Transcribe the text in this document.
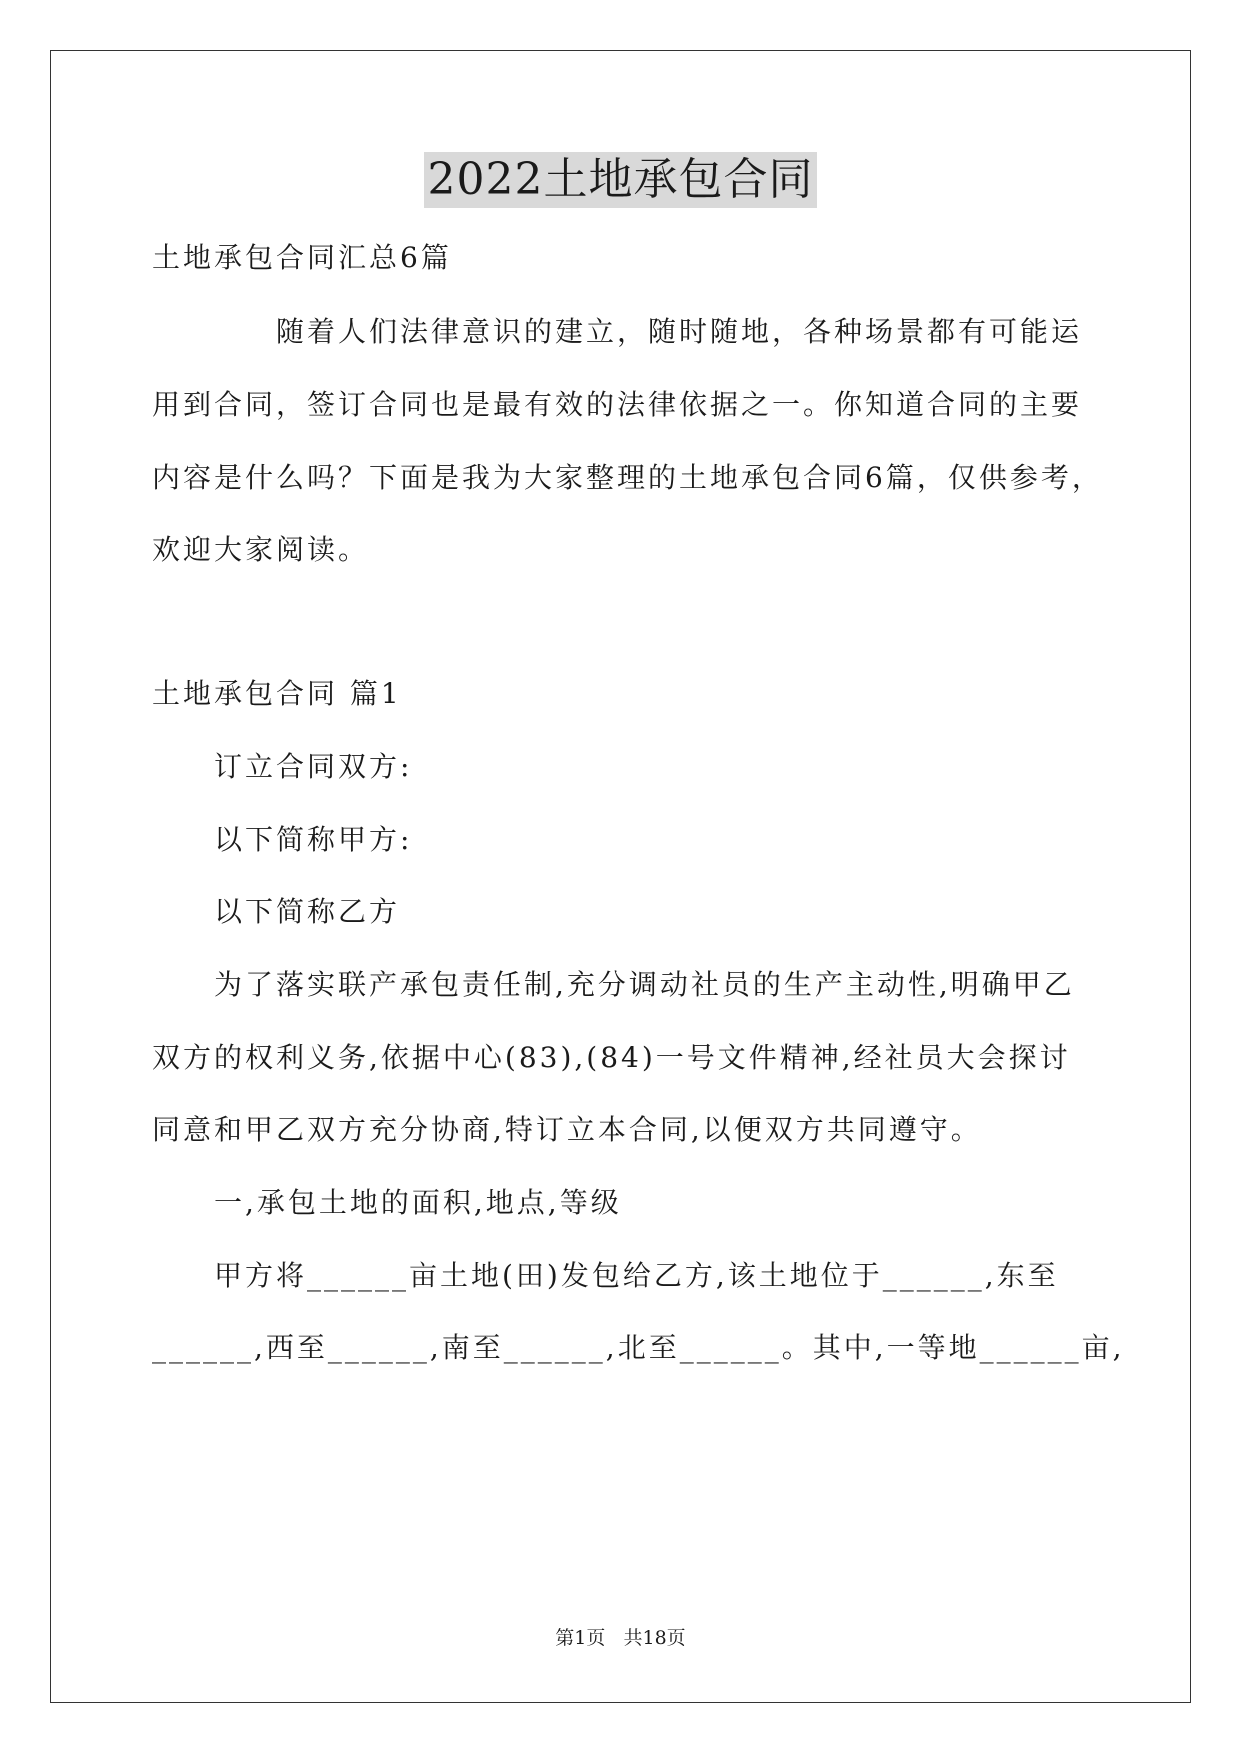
2022土地承包合同
土地承包合同汇总6篇
随着人们法律意识的建立，随时随地，各种场景都有可能运
用到合同，签订合同也是最有效的法律依据之一。你知道合同的主要
内容是什么吗？下面是我为大家整理的土地承包合同6篇，仅供参考，
欢迎大家阅读。
土地承包合同 篇1
订立合同双方:
以下简称甲方:
以下简称乙方
为了落实联产承包责任制,充分调动社员的生产主动性,明确甲乙
双方的权利义务,依据中心(83),(84)一号文件精神,经社员大会探讨
同意和甲乙双方充分协商,特订立本合同,以便双方共同遵守。
一,承包土地的面积,地点,等级
甲方将______亩土地(田)发包给乙方,该土地位于______,东至
______,西至______,南至______,北至______。其中,一等地______亩,
第1页   共18页
